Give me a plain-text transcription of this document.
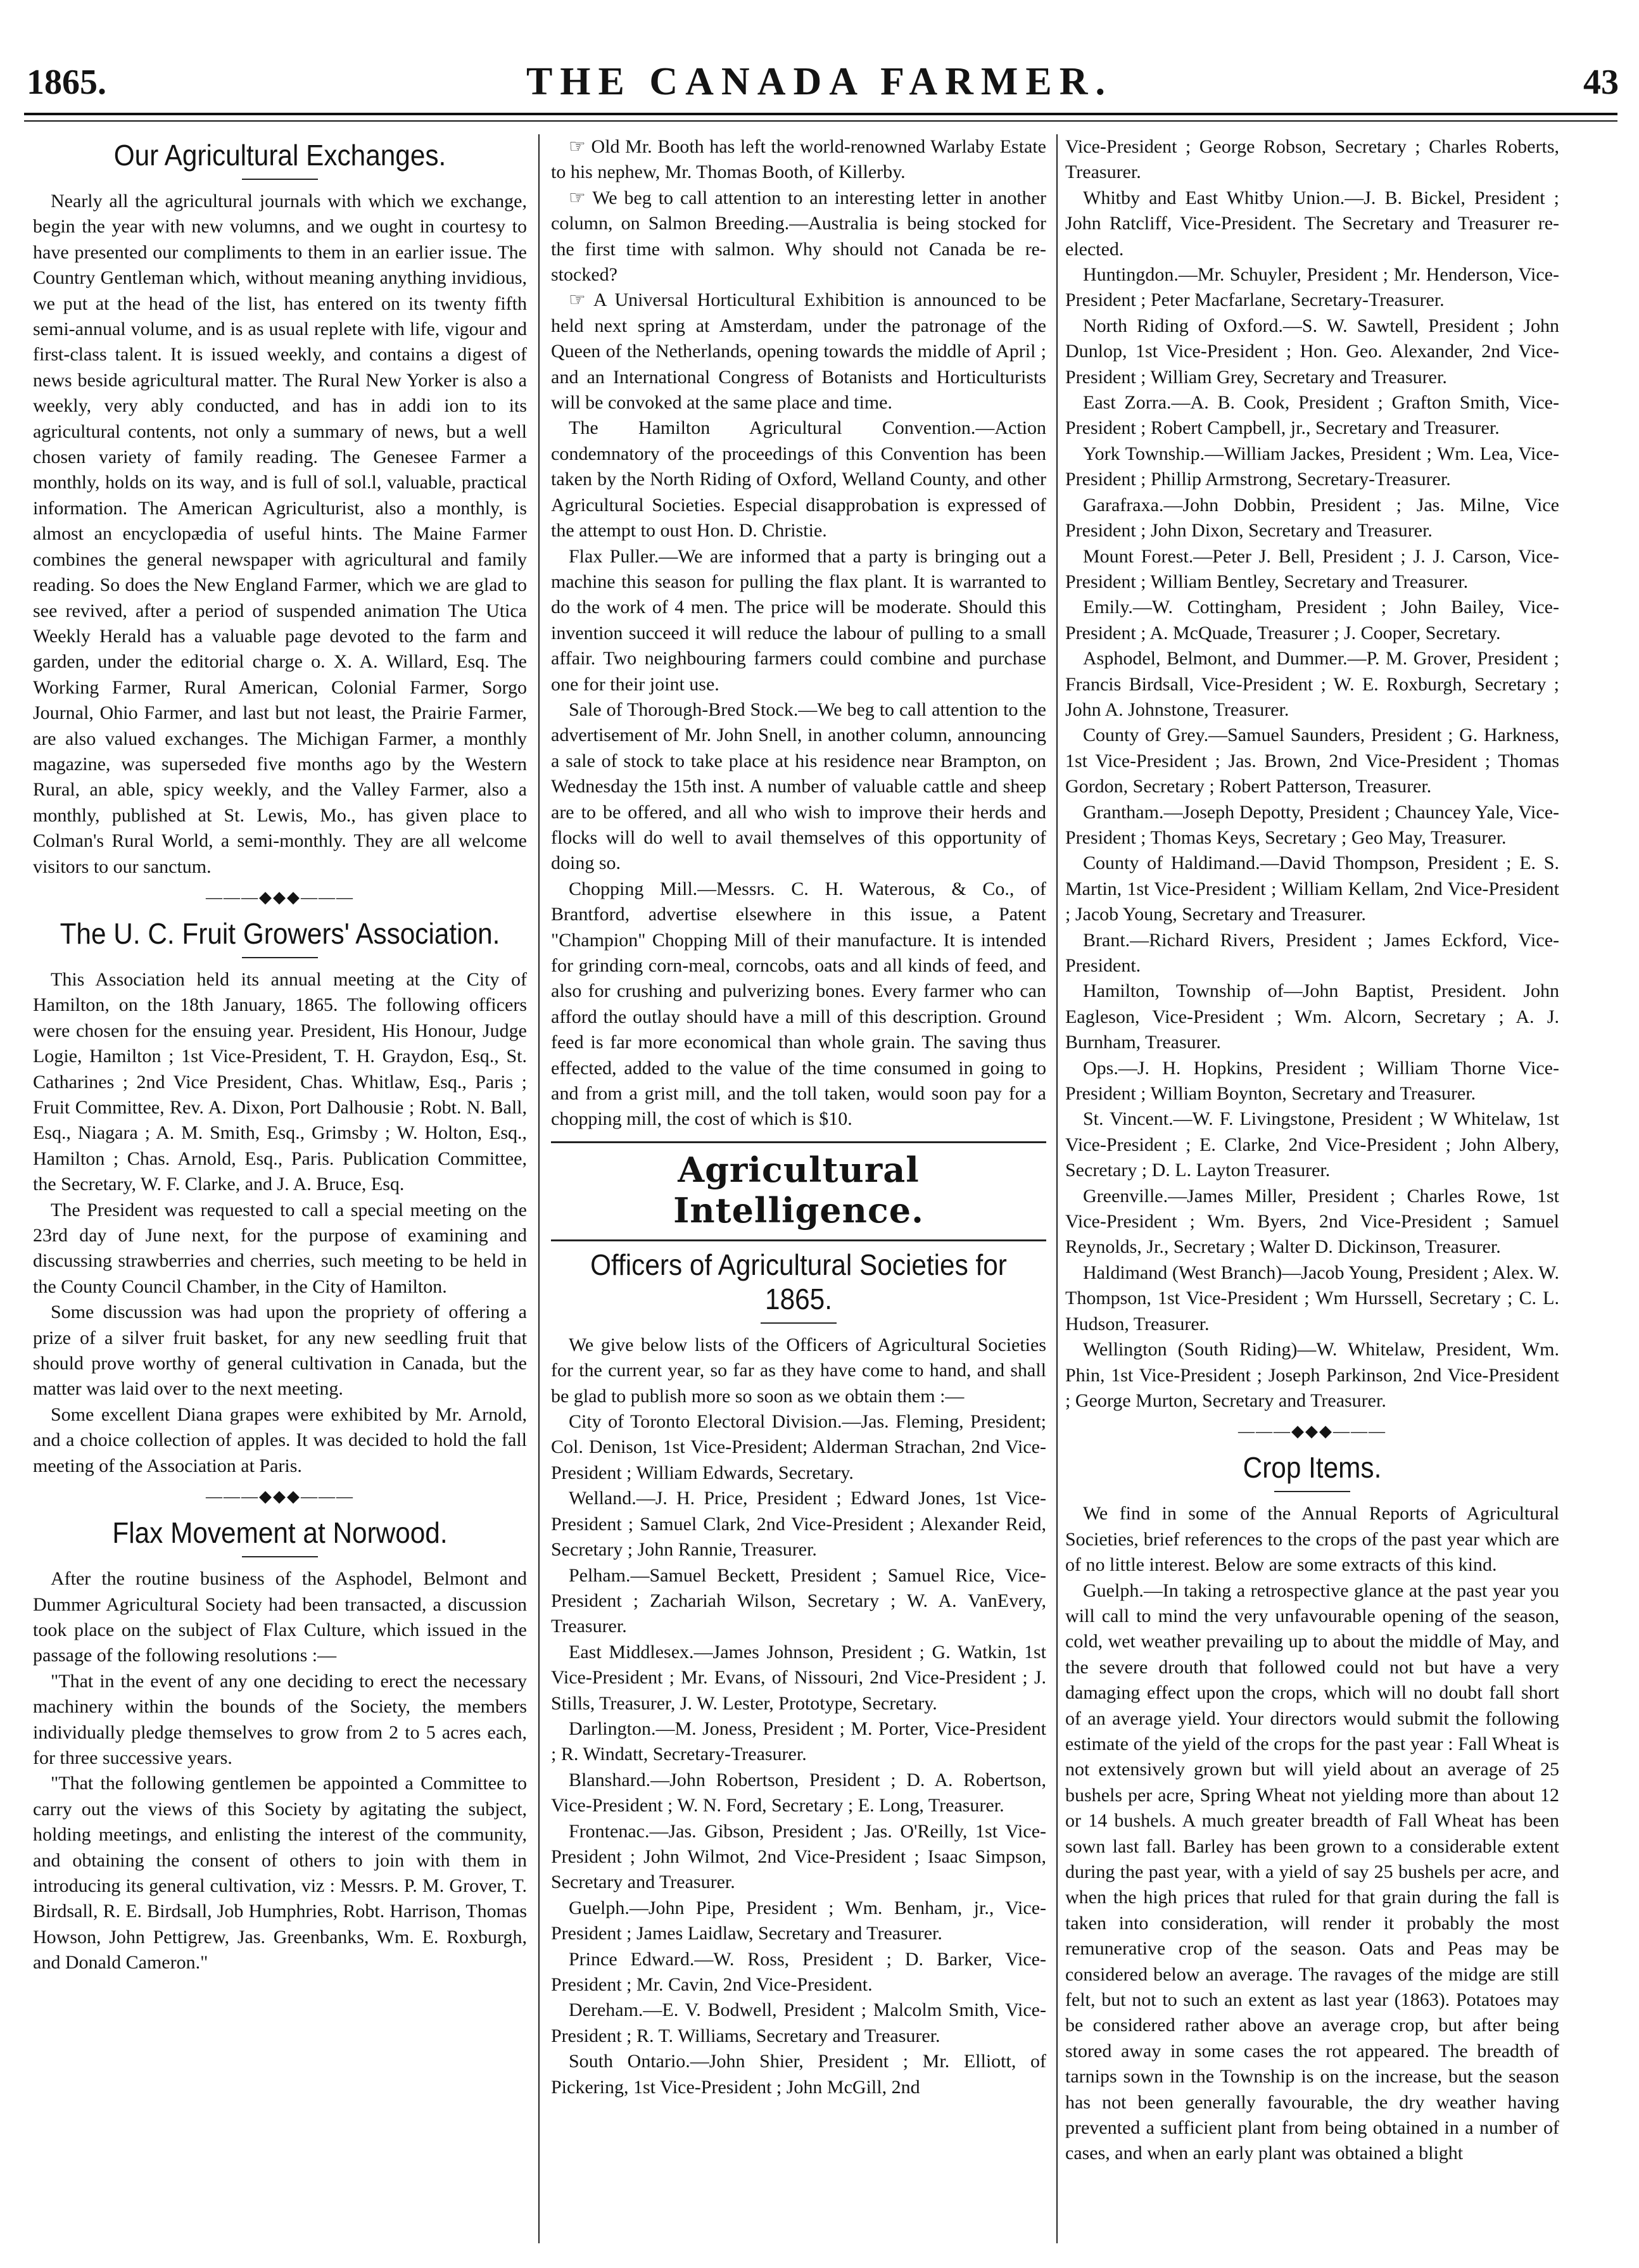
1865.	THE CANADA FARMER.	43
Our Agricultural Exchanges.

Nearly all the agricultural journals with which we exchange, begin the year with new volumns, and we ought in courtesy to have presented our compliments to them in an earlier issue. The Country Gentleman which, without meaning anything invidious, we put at the head of the list, has entered on its twenty fifth semi-annual volume, and is as usual replete with life, vigour and first-class talent. It is issued weekly, and contains a digest of news beside agricultural matter. The Rural New Yorker is also a weekly, very ably conducted, and has in addi ion to its agricultural contents, not only a summary of news, but a well chosen variety of family reading. The Genesee Farmer a monthly, holds on its way, and is full of sol.l, valuable, practical information. The American Agriculturist, also a monthly, is almost an encyclopædia of useful hints. The Maine Farmer combines the general newspaper with agricultural and family reading. So does the New England Farmer, which we are glad to see revived, after a period of suspended animation The Utica Weekly Herald has a valuable page devoted to the farm and garden, under the editorial charge o. X. A. Willard, Esq. The Working Farmer, Rural American, Colonial Farmer, Sorgo Journal, Ohio Farmer, and last but not least, the Prairie Farmer, are also valued exchanges. The Michigan Farmer, a monthly magazine, was superseded five months ago by the Western Rural, an able, spicy weekly, and the Valley Farmer, also a monthly, published at St. Lewis, Mo., has given place to Colman's Rural World, a semi-monthly. They are all welcome visitors to our sanctum.

———◆◆◆———
The U. C. Fruit Growers' Association.

This Association held its annual meeting at the City of Hamilton, on the 18th January, 1865. The following officers were chosen for the ensuing year. President, His Honour, Judge Logie, Hamilton ; 1st Vice-President, T. H. Graydon, Esq., St. Catharines ; 2nd Vice President, Chas. Whitlaw, Esq., Paris ; Fruit Committee, Rev. A. Dixon, Port Dalhousie ; Robt. N. Ball, Esq., Niagara ; A. M. Smith, Esq., Grimsby ; W. Holton, Esq., Hamilton ; Chas. Arnold, Esq., Paris. Publication Committee, the Secretary, W. F. Clarke, and J. A. Bruce, Esq.

The President was requested to call a special meeting on the 23rd day of June next, for the purpose of examining and discussing strawberries and cherries, such meeting to be held in the County Council Chamber, in the City of Hamilton.

Some discussion was had upon the propriety of offering a prize of a silver fruit basket, for any new seedling fruit that should prove worthy of general cultivation in Canada, but the matter was laid over to the next meeting.

Some excellent Diana grapes were exhibited by Mr. Arnold, and a choice collection of apples. It was decided to hold the fall meeting of the Association at Paris.

———◆◆◆———
Flax Movement at Norwood.

After the routine business of the Asphodel, Belmont and Dummer Agricultural Society had been transacted, a discussion took place on the subject of Flax Culture, which issued in the passage of the following resolutions :—

"That in the event of any one deciding to erect the necessary machinery within the bounds of the Society, the members individually pledge themselves to grow from 2 to 5 acres each, for three successive years.

"That the following gentlemen be appointed a Committee to carry out the views of this Society by agitating the subject, holding meetings, and enlisting the interest of the community, and obtaining the consent of others to join with them in introducing its general cultivation, viz : Messrs. P. M. Grover, T. Birdsall, R. E. Birdsall, Job Humphries, Robt. Harrison, Thomas Howson, John Pettigrew, Jas. Greenbanks, Wm. E. Roxburgh, and Donald Cameron."

☞ Old Mr. Booth has left the world-renowned Warlaby Estate to his nephew, Mr. Thomas Booth, of Killerby.

☞ We beg to call attention to an interesting letter in another column, on Salmon Breeding.—Australia is being stocked for the first time with salmon. Why should not Canada be re-stocked?

☞ A Universal Horticultural Exhibition is announced to be held next spring at Amsterdam, under the patronage of the Queen of the Netherlands, opening towards the middle of April ; and an International Congress of Botanists and Horticulturists will be convoked at the same place and time.

The Hamilton Agricultural Convention.—Action condemnatory of the proceedings of this Convention has been taken by the North Riding of Oxford, Welland County, and other Agricultural Societies. Especial disapprobation is expressed of the attempt to oust Hon. D. Christie.

Flax Puller.—We are informed that a party is bringing out a machine this season for pulling the flax plant. It is warranted to do the work of 4 men. The price will be moderate. Should this invention succeed it will reduce the labour of pulling to a small affair. Two neighbouring farmers could combine and purchase one for their joint use.

Sale of Thorough-Bred Stock.—We beg to call attention to the advertisement of Mr. John Snell, in another column, announcing a sale of stock to take place at his residence near Brampton, on Wednesday the 15th inst. A number of valuable cattle and sheep are to be offered, and all who wish to improve their herds and flocks will do well to avail themselves of this opportunity of doing so.

Chopping Mill.—Messrs. C. H. Waterous, & Co., of Brantford, advertise elsewhere in this issue, a Patent "Champion" Chopping Mill of their manufacture. It is intended for grinding corn-meal, corncobs, oats and all kinds of feed, and also for crushing and pulverizing bones. Every farmer who can afford the outlay should have a mill of this description. Ground feed is far more economical than whole grain. The saving thus effected, added to the value of the time consumed in going to and from a grist mill, and the toll taken, would soon pay for a chopping mill, the cost of which is $10.

Agricultural Intelligence.
Officers of Agricultural Societies for 1865.

We give below lists of the Officers of Agricultural Societies for the current year, so far as they have come to hand, and shall be glad to publish more so soon as we obtain them :—

City of Toronto Electoral Division.—Jas. Fleming, President; Col. Denison, 1st Vice-President; Alderman Strachan, 2nd Vice-President ; William Edwards, Secretary.

Welland.—J. H. Price, President ; Edward Jones, 1st Vice-President ; Samuel Clark, 2nd Vice-President ; Alexander Reid, Secretary ; John Rannie, Treasurer.

Pelham.—Samuel Beckett, President ; Samuel Rice, Vice-President ; Zachariah Wilson, Secretary ; W. A. VanEvery, Treasurer.

East Middlesex.—James Johnson, President ; G. Watkin, 1st Vice-President ; Mr. Evans, of Nissouri, 2nd Vice-President ; J. Stills, Treasurer, J. W. Lester, Prototype, Secretary.

Darlington.—M. Joness, President ; M. Porter, Vice-President ; R. Windatt, Secretary-Treasurer.

Blanshard.—John Robertson, President ; D. A. Robertson, Vice-President ; W. N. Ford, Secretary ; E. Long, Treasurer.

Frontenac.—Jas. Gibson, President ; Jas. O'Reilly, 1st Vice-President ; John Wilmot, 2nd Vice-President ; Isaac Simpson, Secretary and Treasurer.

Guelph.—John Pipe, President ; Wm. Benham, jr., Vice-President ; James Laidlaw, Secretary and Treasurer.

Prince Edward.—W. Ross, President ; D. Barker, Vice-President ; Mr. Cavin, 2nd Vice-President.

Dereham.—E. V. Bodwell, President ; Malcolm Smith, Vice-President ; R. T. Williams, Secretary and Treasurer.

South Ontario.—John Shier, President ; Mr. Elliott, of Pickering, 1st Vice-President ; John McGill, 2nd

Vice-President ; George Robson, Secretary ; Charles Roberts, Treasurer.

Whitby and East Whitby Union.—J. B. Bickel, President ; John Ratcliff, Vice-President. The Secretary and Treasurer re-elected.

Huntingdon.—Mr. Schuyler, President ; Mr. Henderson, Vice-President ; Peter Macfarlane, Secretary-Treasurer.

North Riding of Oxford.—S. W. Sawtell, President ; John Dunlop, 1st Vice-President ; Hon. Geo. Alexander, 2nd Vice-President ; William Grey, Secretary and Treasurer.

East Zorra.—A. B. Cook, President ; Grafton Smith, Vice-President ; Robert Campbell, jr., Secretary and Treasurer.

York Township.—William Jackes, President ; Wm. Lea, Vice-President ; Phillip Armstrong, Secretary-Treasurer.

Garafraxa.—John Dobbin, President ; Jas. Milne, Vice President ; John Dixon, Secretary and Treasurer.

Mount Forest.—Peter J. Bell, President ; J. J. Carson, Vice-President ; William Bentley, Secretary and Treasurer.

Emily.—W. Cottingham, President ; John Bailey, Vice-President ; A. McQuade, Treasurer ; J. Cooper, Secretary.

Asphodel, Belmont, and Dummer.—P. M. Grover, President ; Francis Birdsall, Vice-President ; W. E. Roxburgh, Secretary ; John A. Johnstone, Treasurer.

County of Grey.—Samuel Saunders, President ; G. Harkness, 1st Vice-President ; Jas. Brown, 2nd Vice-President ; Thomas Gordon, Secretary ; Robert Patterson, Treasurer.

Grantham.—Joseph Depotty, President ; Chauncey Yale, Vice-President ; Thomas Keys, Secretary ; Geo May, Treasurer.

County of Haldimand.—David Thompson, President ; E. S. Martin, 1st Vice-President ; William Kellam, 2nd Vice-President ; Jacob Young, Secretary and Treasurer.

Brant.—Richard Rivers, President ; James Eckford, Vice-President.

Hamilton, Township of—John Baptist, President. John Eagleson, Vice-President ; Wm. Alcorn, Secretary ; A. J. Burnham, Treasurer.

Ops.—J. H. Hopkins, President ; William Thorne Vice-President ; William Boynton, Secretary and Treasurer.

St. Vincent.—W. F. Livingstone, President ; W Whitelaw, 1st Vice-President ; E. Clarke, 2nd Vice-President ; John Albery, Secretary ; D. L. Layton Treasurer.

Greenville.—James Miller, President ; Charles Rowe, 1st Vice-President ; Wm. Byers, 2nd Vice-President ; Samuel Reynolds, Jr., Secretary ; Walter D. Dickinson, Treasurer.

Haldimand (West Branch)—Jacob Young, President ; Alex. W. Thompson, 1st Vice-President ; Wm Hurssell, Secretary ; C. L. Hudson, Treasurer.

Wellington (South Riding)—W. Whitelaw, President, Wm. Phin, 1st Vice-President ; Joseph Parkinson, 2nd Vice-President ; George Murton, Secretary and Treasurer.

———◆◆◆———
Crop Items.

We find in some of the Annual Reports of Agricultural Societies, brief references to the crops of the past year which are of no little interest. Below are some extracts of this kind.

Guelph.—In taking a retrospective glance at the past year you will call to mind the very unfavourable opening of the season, cold, wet weather prevailing up to about the middle of May, and the severe drouth that followed could not but have a very damaging effect upon the crops, which will no doubt fall short of an average yield. Your directors would submit the following estimate of the yield of the crops for the past year : Fall Wheat is not extensively grown but will yield about an average of 25 bushels per acre, Spring Wheat not yielding more than about 12 or 14 bushels. A much greater breadth of Fall Wheat has been sown last fall. Barley has been grown to a considerable extent during the past year, with a yield of say 25 bushels per acre, and when the high prices that ruled for that grain during the fall is taken into consideration, will render it probably the most remunerative crop of the season. Oats and Peas may be considered below an average. The ravages of the midge are still felt, but not to such an extent as last year (1863). Potatoes may be considered rather above an average crop, but after being stored away in some cases the rot appeared. The breadth of tarnips sown in the Township is on the increase, but the season has not been generally favourable, the dry weather having prevented a sufficient plant from being obtained in a number of cases, and when an early plant was obtained a blight
